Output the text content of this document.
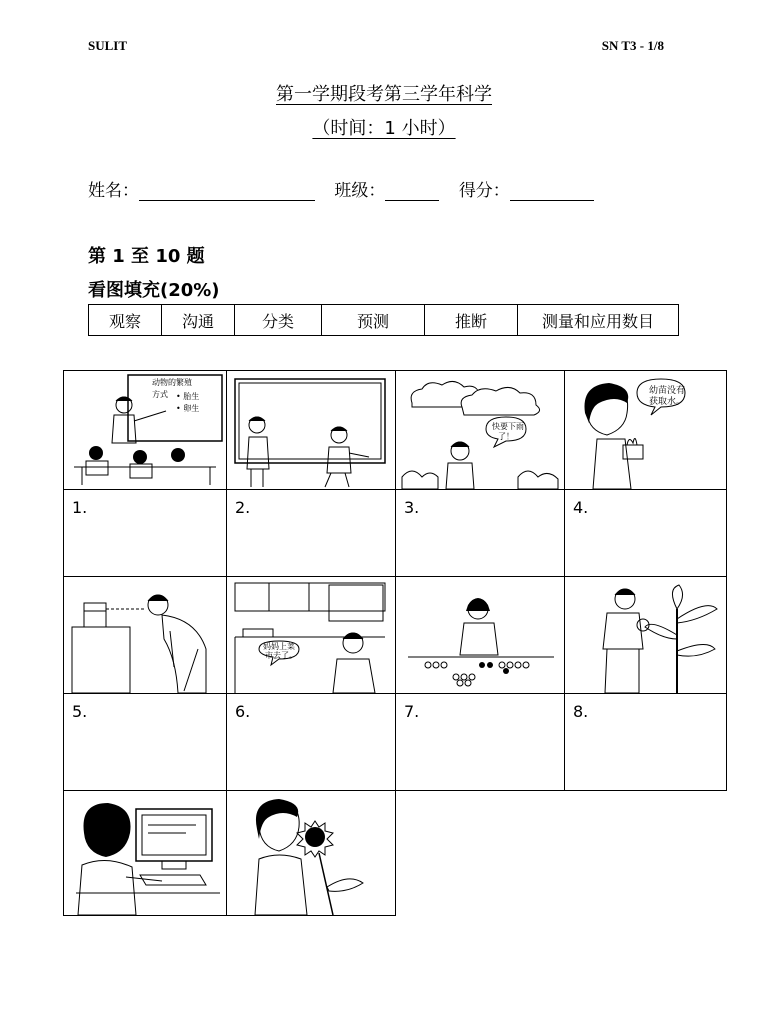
SULIT	SN T3 - 1/8
第一学期段考第三学年科学
（时间：1 小时）
姓名：	班级：	得分：
第 1 至 10 题
看图填充(20%)
观察	沟通	分类	预测	推断	测量和应用数目
动物的繁殖
方式 • 胎生
• 卵生
快要下雨
了！
幼苗没有
获取水。
1.	2.	3.	4.
妈妈上菜
市去了。
5.	6.	7.	8.
